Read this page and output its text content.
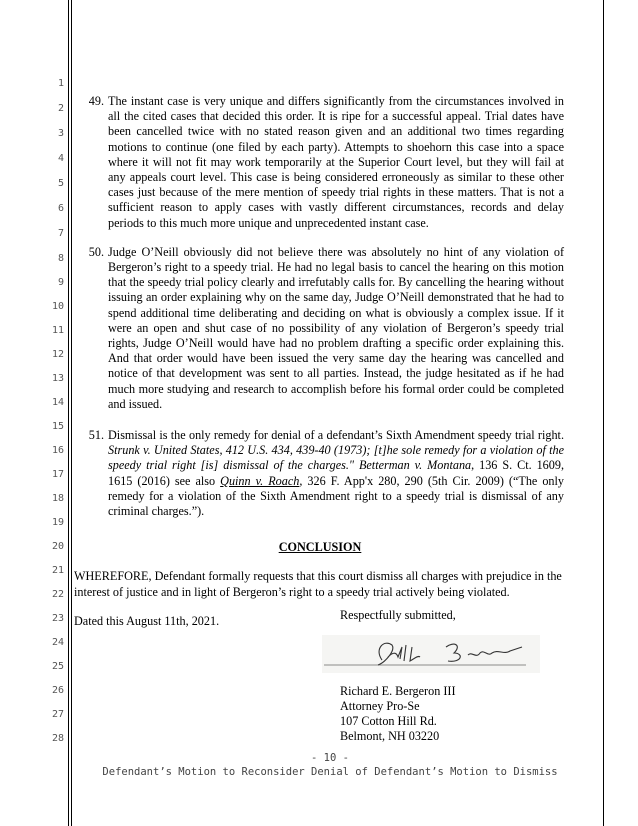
1
2
3
4
5
6
7
8
9
10
11
12
13
14
15
16
17
18
19
20
21
22
23
24
25
26
27
28
49. The instant case is very unique and differs significantly from the circumstances involved in all the cited cases that decided this order. It is ripe for a successful appeal. Trial dates have been cancelled twice with no stated reason given and an additional two times regarding motions to continue (one filed by each party). Attempts to shoehorn this case into a space where it will not fit may work temporarily at the Superior Court level, but they will fail at any appeals court level. This case is being considered erroneously as similar to these other cases just because of the mere mention of speedy trial rights in these matters. That is not a sufficient reason to apply cases with vastly different circumstances, records and delay periods to this much more unique and unprecedented instant case.
50. Judge O’Neill obviously did not believe there was absolutely no hint of any violation of Bergeron’s right to a speedy trial. He had no legal basis to cancel the hearing on this motion that the speedy trial policy clearly and irrefutably calls for. By cancelling the hearing without issuing an order explaining why on the same day, Judge O’Neill demonstrated that he had to spend additional time deliberating and deciding on what is obviously a complex issue. If it were an open and shut case of no possibility of any violation of Bergeron’s speedy trial rights, Judge O’Neill would have had no problem drafting a specific order explaining this. And that order would have been issued the very same day the hearing was cancelled and notice of that development was sent to all parties. Instead, the judge hesitated as if he had much more studying and research to accomplish before his formal order could be completed and issued.
51. Dismissal is the only remedy for denial of a defendant’s Sixth Amendment speedy trial right. Strunk v. United States, 412 U.S. 434, 439-40 (1973); [t]he sole remedy for a violation of the speedy trial right [is] dismissal of the charges." Betterman v. Montana, 136 S. Ct. 1609, 1615 (2016) see also Quinn v. Roach, 326 F. App'x 280, 290 (5th Cir. 2009) (“The only remedy for a violation of the Sixth Amendment right to a speedy trial is dismissal of any criminal charges.”).
CONCLUSION

WHEREFORE, Defendant formally requests that this court dismiss all charges with prejudice in the interest of justice and in light of Bergeron’s right to a speedy trial actively being violated.

Dated this August 11th, 2021.	Respectfully submitted,
Richard E. Bergeron III
Attorney Pro-Se
107 Cotton Hill Rd.
Belmont, NH 03220
- 10 -
Defendant’s Motion to Reconsider Denial of Defendant’s Motion to Dismiss
